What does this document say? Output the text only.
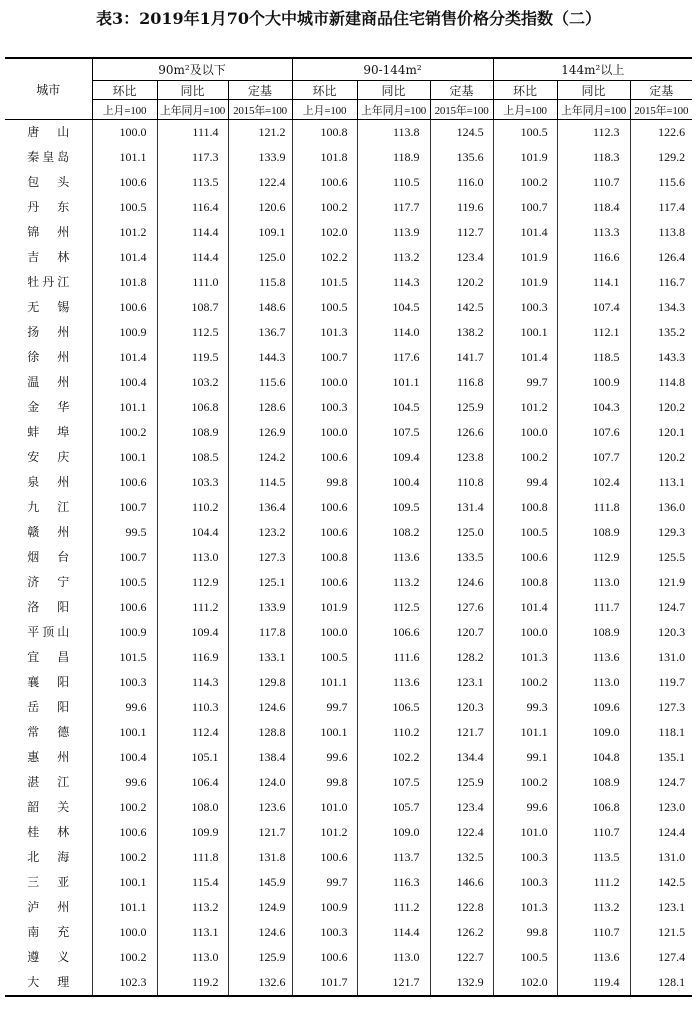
表3：2019年1月70个大中城市新建商品住宅销售价格分类指数（二）
城市	90m²及以下			90-144m²			144m²以上		
	环比	同比	定基	环比	同比	定基	环比	同比	定基
	上月=100	上年同月=100	2015年=100	上月=100	上年同月=100	2015年=100	上月=100	上年同月=100	2015年=100
唐山	100.0	111.4	121.2	100.8	113.8	124.5	100.5	112.3	122.6
秦皇岛	101.1	117.3	133.9	101.8	118.9	135.6	101.9	118.3	129.2
包头	100.6	113.5	122.4	100.6	110.5	116.0	100.2	110.7	115.6
丹东	100.5	116.4	120.6	100.2	117.7	119.6	100.7	118.4	117.4
锦州	101.2	114.4	109.1	102.0	113.9	112.7	101.4	113.3	113.8
吉林	101.4	114.4	125.0	102.2	113.2	123.4	101.9	116.6	126.4
牡丹江	101.8	111.0	115.8	101.5	114.3	120.2	101.9	114.1	116.7
无锡	100.6	108.7	148.6	100.5	104.5	142.5	100.3	107.4	134.3
扬州	100.9	112.5	136.7	101.3	114.0	138.2	100.1	112.1	135.2
徐州	101.4	119.5	144.3	100.7	117.6	141.7	101.4	118.5	143.3
温州	100.4	103.2	115.6	100.0	101.1	116.8	99.7	100.9	114.8
金华	101.1	106.8	128.6	100.3	104.5	125.9	101.2	104.3	120.2
蚌埠	100.2	108.9	126.9	100.0	107.5	126.6	100.0	107.6	120.1
安庆	100.1	108.5	124.2	100.6	109.4	123.8	100.2	107.7	120.2
泉州	100.6	103.3	114.5	99.8	100.4	110.8	99.4	102.4	113.1
九江	100.7	110.2	136.4	100.6	109.5	131.4	100.8	111.8	136.0
赣州	99.5	104.4	123.2	100.6	108.2	125.0	100.5	108.9	129.3
烟台	100.7	113.0	127.3	100.8	113.6	133.5	100.6	112.9	125.5
济宁	100.5	112.9	125.1	100.6	113.2	124.6	100.8	113.0	121.9
洛阳	100.6	111.2	133.9	101.9	112.5	127.6	101.4	111.7	124.7
平顶山	100.9	109.4	117.8	100.0	106.6	120.7	100.0	108.9	120.3
宜昌	101.5	116.9	133.1	100.5	111.6	128.2	101.3	113.6	131.0
襄阳	100.3	114.3	129.8	101.1	113.6	123.1	100.2	113.0	119.7
岳阳	99.6	110.3	124.6	99.7	106.5	120.3	99.3	109.6	127.3
常德	100.1	112.4	128.8	100.1	110.2	121.7	101.1	109.0	118.1
惠州	100.4	105.1	138.4	99.6	102.2	134.4	99.1	104.8	135.1
湛江	99.6	106.4	124.0	99.8	107.5	125.9	100.2	108.9	124.7
韶关	100.2	108.0	123.6	101.0	105.7	123.4	99.6	106.8	123.0
桂林	100.6	109.9	121.7	101.2	109.0	122.4	101.0	110.7	124.4
北海	100.2	111.8	131.8	100.6	113.7	132.5	100.3	113.5	131.0
三亚	100.1	115.4	145.9	99.7	116.3	146.6	100.3	111.2	142.5
泸州	101.1	113.2	124.9	100.9	111.2	122.8	101.3	113.2	123.1
南充	100.0	113.1	124.6	100.3	114.4	126.2	99.8	110.7	121.5
遵义	100.2	113.0	125.9	100.6	113.0	122.7	100.5	113.6	127.4
大理	102.3	119.2	132.6	101.7	121.7	132.9	102.0	119.4	128.1
